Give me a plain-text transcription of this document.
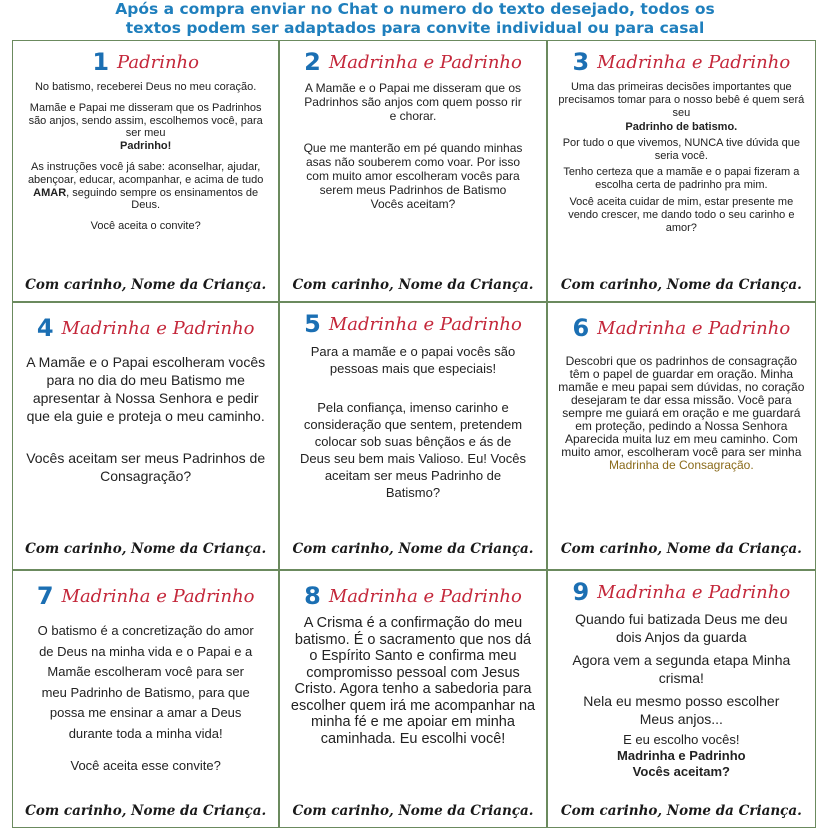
Após a compra enviar no Chat o numero do texto desejado, todos os
textos podem ser adaptados para convite individual ou para casal
1 Padrinho

No batismo, receberei Deus no meu coração.

Mamãe e Papai me disseram que os Padrinhos são anjos, sendo assim, escolhemos você, para ser meu
Padrinho!

As instruções você já sabe: aconselhar, ajudar, abençoar, educar, acompanhar, e acima de tudo AMAR, seguindo sempre os ensinamentos de Deus.

Você aceita o convite?

Com carinho, Nome da Criança.
2 Madrinha e Padrinho

A Mamãe e o Papai me disseram que os Padrinhos são anjos com quem posso rir e chorar.

Que me manterão em pé quando minhas asas não souberem como voar. Por isso com muito amor escolheram vocês para serem meus Padrinhos de Batismo Vocês aceitam?

Com carinho, Nome da Criança.
3 Madrinha e Padrinho

Uma das primeiras decisões importantes que precisamos tomar para o nosso bebê é quem será seu
Padrinho de batismo.

Por tudo o que vivemos, NUNCA tive dúvida que seria você.

Tenho certeza que a mamãe e o papai fizeram a escolha certa de padrinho pra mim.

Você aceita cuidar de mim, estar presente me vendo crescer, me dando todo o seu carinho e amor?

Com carinho, Nome da Criança.
4 Madrinha e Padrinho

A Mamãe e o Papai escolheram vocês para no dia do meu Batismo me apresentar à Nossa Senhora e pedir que ela guie e proteja o meu caminho.

Vocês aceitam ser meus Padrinhos de Consagração?

Com carinho, Nome da Criança.
5 Madrinha e Padrinho

Para a mamãe e o papai vocês são pessoas mais que especiais!

Pela confiança, imenso carinho e consideração que sentem, pretendem colocar sob suas bênçãos e ás de Deus seu bem mais Valioso. Eu! Vocês aceitam ser meus Padrinho de Batismo?

Com carinho, Nome da Criança.
6 Madrinha e Padrinho

Descobri que os padrinhos de consagração têm o papel de guardar em oração. Minha mamãe e meu papai sem dúvidas, no coração desejaram te dar essa missão. Você para sempre me guiará em oração e me guardará em proteção, pedindo a Nossa Senhora Aparecida muita luz em meu caminho. Com muito amor, escolheram você para ser minha Madrinha de Consagração.

Com carinho, Nome da Criança.
7 Madrinha e Padrinho

O batismo é a concretização do amor de Deus na minha vida e o Papai e a Mamãe escolheram você para ser meu Padrinho de Batismo, para que possa me ensinar a amar a Deus durante toda a minha vida!

Você aceita esse convite?

Com carinho, Nome da Criança.
8 Madrinha e Padrinho

A Crisma é a confirmação do meu batismo. É o sacramento que nos dá o Espírito Santo e confirma meu compromisso pessoal com Jesus Cristo. Agora tenho a sabedoria para escolher quem irá me acompanhar na minha fé e me apoiar em minha caminhada. Eu escolhi você!

Com carinho, Nome da Criança.
9 Madrinha e Padrinho

Quando fui batizada Deus me deu dois Anjos da guarda

Agora vem a segunda etapa Minha crisma!

Nela eu mesmo posso escolher Meus anjos...

E eu escolho vocês!
Madrinha e Padrinho
Vocês aceitam?

Com carinho, Nome da Criança.
